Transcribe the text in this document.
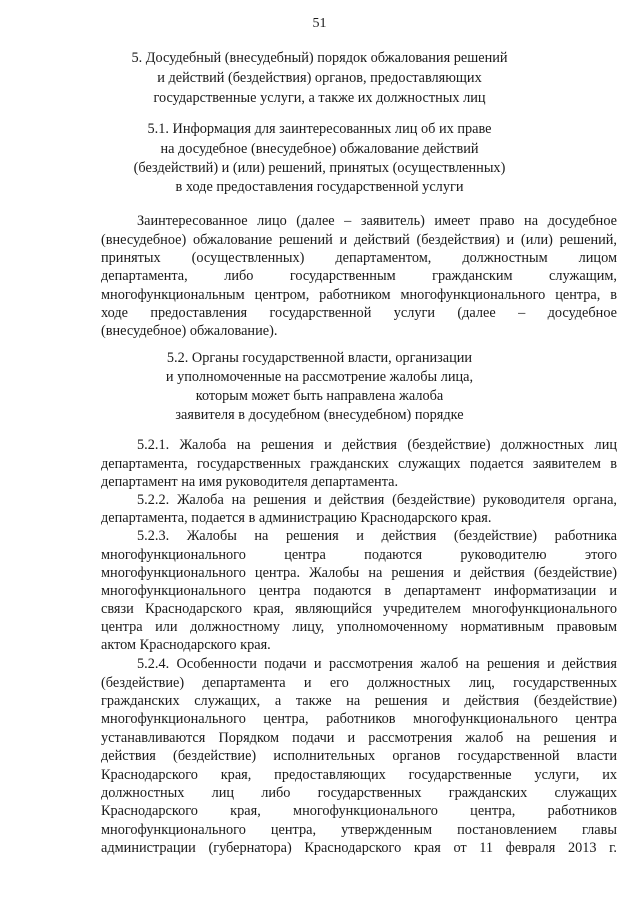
51
5. Досудебный (внесудебный) порядок обжалования решений
и действий (бездействия) органов, предоставляющих
государственные услуги, а также их должностных лиц
5.1. Информация для заинтересованных лиц об их праве
на досудебное (внесудебное) обжалование действий
(бездействий) и (или) решений, принятых (осуществленных)
в ходе предоставления государственной услуги
Заинтересованное лицо (далее – заявитель) имеет право на досудебное
(внесудебное) обжалование решений и действий (бездействия) и (или) решений,
принятых (осуществленных) департаментом, должностным лицом
департамента, либо государственным гражданским служащим,
многофункциональным центром, работником многофункционального центра, в
ходе предоставления государственной услуги (далее – досудебное
(внесудебное) обжалование).
5.2. Органы государственной власти, организации
и уполномоченные на рассмотрение жалобы лица,
которым может быть направлена жалоба
заявителя в досудебном (внесудебном) порядке
5.2.1. Жалоба на решения и действия (бездействие) должностных лиц
департамента, государственных гражданских служащих подается заявителем в
департамент на имя руководителя департамента.
5.2.2. Жалоба на решения и действия (бездействие) руководителя органа,
департамента, подается в администрацию Краснодарского края.
5.2.3. Жалобы на решения и действия (бездействие) работника
многофункционального центра подаются руководителю этого
многофункционального центра. Жалобы на решения и действия (бездействие)
многофункционального центра подаются в департамент информатизации и
связи Краснодарского края, являющийся учредителем многофункционального
центра или должностному лицу, уполномоченному нормативным правовым
актом Краснодарского края.
5.2.4. Особенности подачи и рассмотрения жалоб на решения и действия
(бездействие) департамента и его должностных лиц, государственных
гражданских служащих, а также на решения и действия (бездействие)
многофункционального центра, работников многофункционального центра
устанавливаются Порядком подачи и рассмотрения жалоб на решения и
действия (бездействие) исполнительных органов государственной власти
Краснодарского края, предоставляющих государственные услуги, их
должностных лиц либо государственных гражданских служащих
Краснодарского края, многофункционального центра, работников
многофункционального центра, утвержденным постановлением главы
администрации (губернатора) Краснодарского края от 11 февраля 2013 г.
